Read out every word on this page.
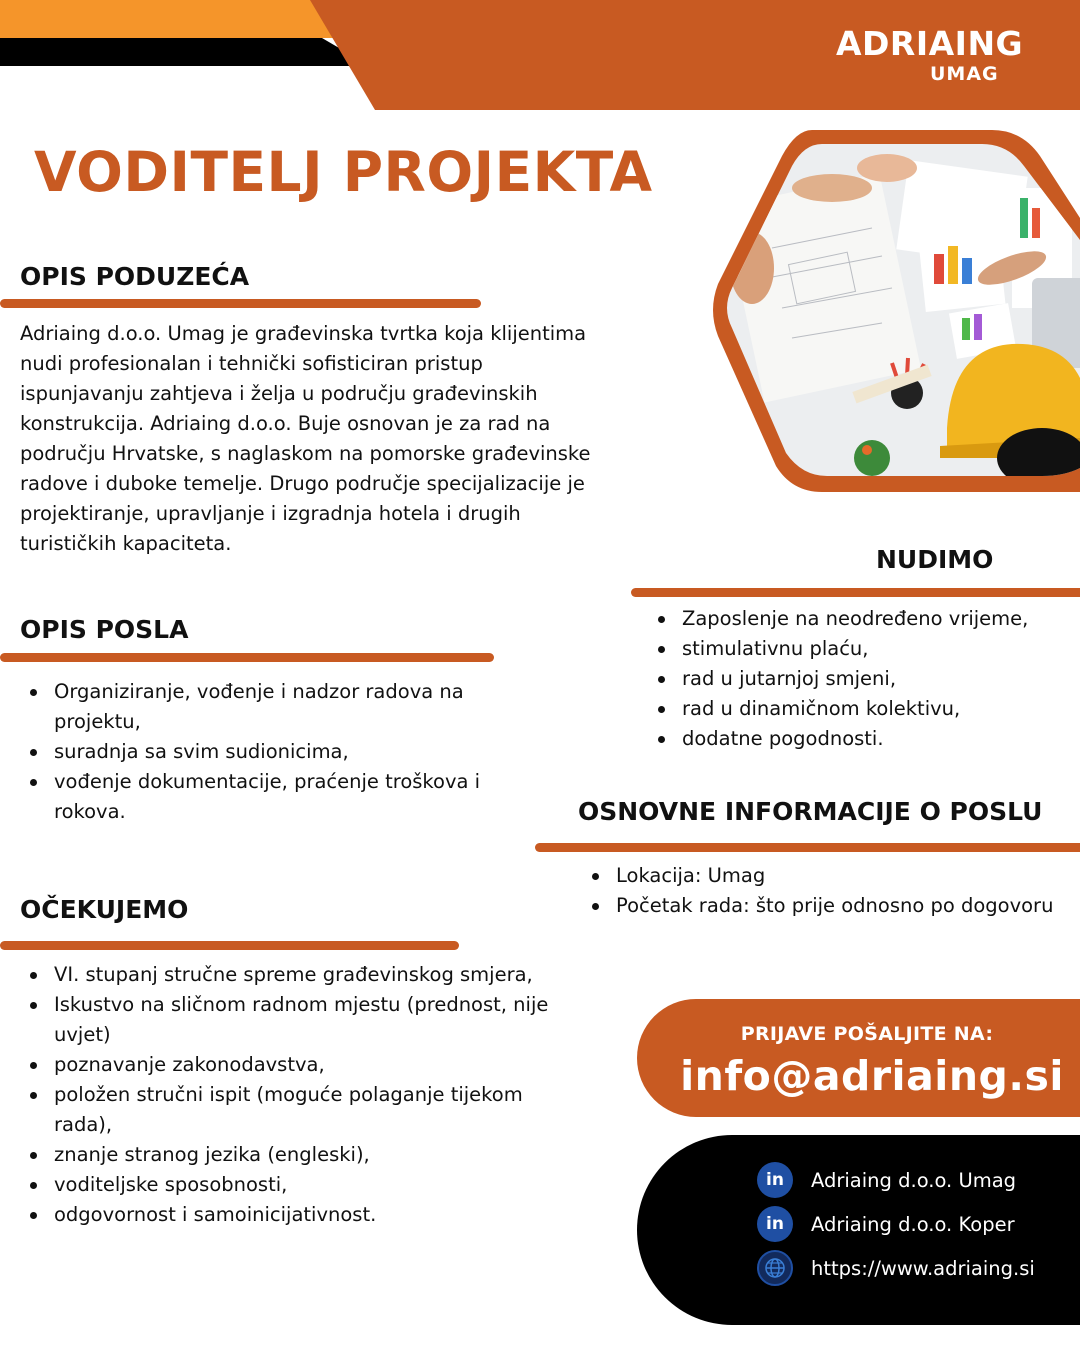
ADRIAING
UMAG
VODITELJ PROJEKTA
OPIS PODUZEĆA
Adriaing d.o.o. Umag je građevinska tvrtka koja klijentima nudi profesionalan i tehnički sofisticiran pristup ispunjavanju zahtjeva i želja u području građevinskih konstrukcija. Adriaing d.o.o. Buje osnovan je za rad na području Hrvatske, s naglaskom na pomorske građevinske radove i duboke temelje. Drugo područje specijalizacije je projektiranje, upravljanje i izgradnja hotela i drugih turističkih kapaciteta.
NUDIMO
Zaposlenje na neodređeno vrijeme,
stimulativnu plaću,
rad u jutarnjoj smjeni,
rad u dinamičnom kolektivu,
dodatne pogodnosti.
OPIS POSLA
Organiziranje, vođenje i nadzor radova na projektu,
suradnja sa svim sudionicima,
vođenje dokumentacije, praćenje troškova i rokova.	OSNOVNE INFORMACIJE O POSLU
Lokacija: Umag
Početak rada: što prije odnosno po dogovoru
OČEKUJEMO
VI. stupanj stručne spreme građevinskog smjera,
Iskustvo na sličnom radnom mjestu (prednost, nije uvjet)
poznavanje zakonodavstva,
položen stručni ispit (moguće polaganje tijekom rada),
znanje stranog jezika (engleski),
voditeljske sposobnosti,
odgovornost i samoinicijativnost.
PRIJAVE POŠALJITE NA:
info@adriaing.si
in	Adriaing d.o.o. Umag
in	Adriaing d.o.o. Koper
https://www.adriaing.si
